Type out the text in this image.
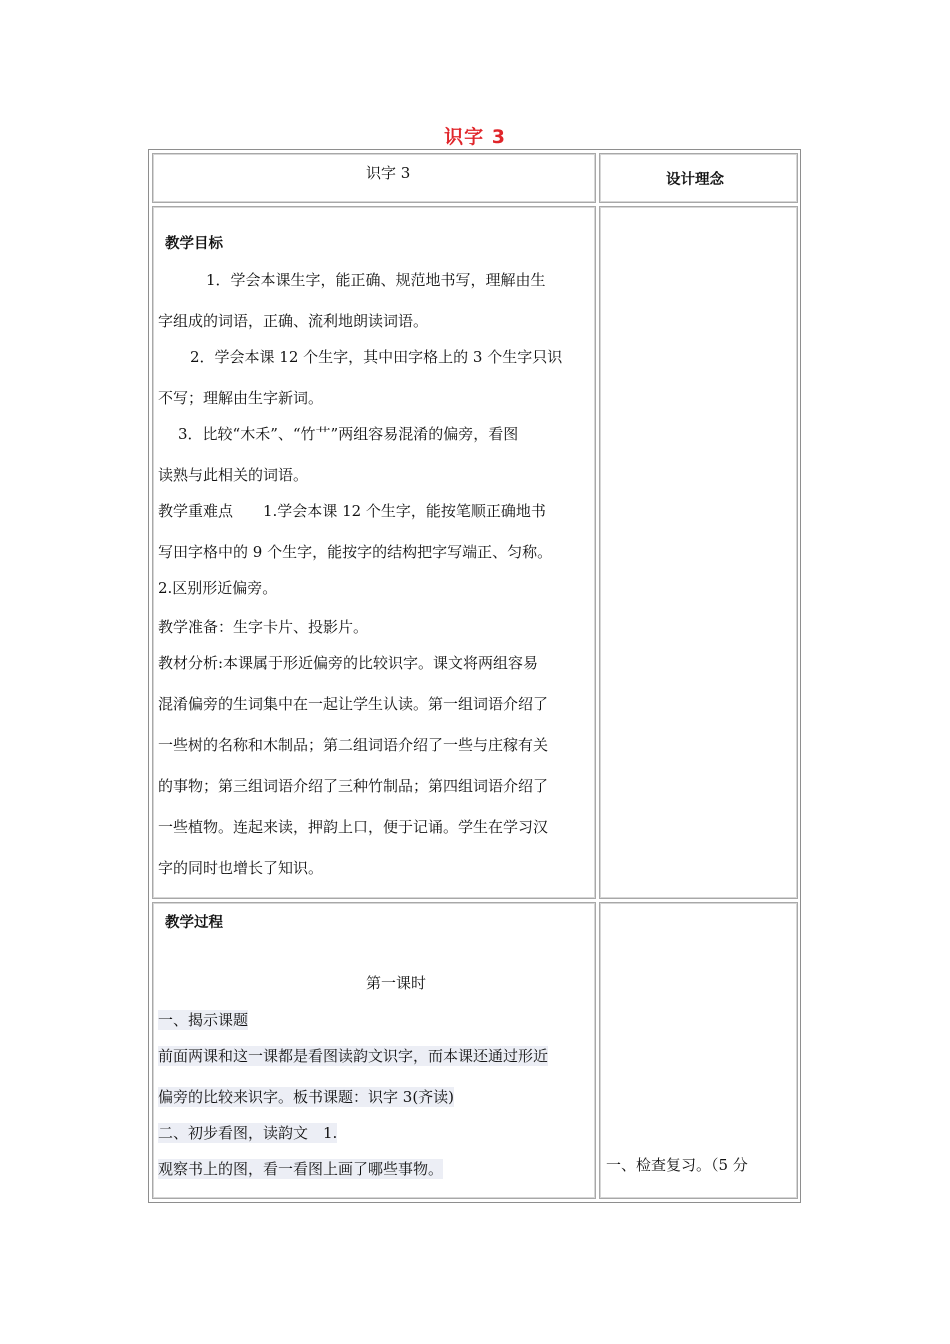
识字 3
识字 3	设计理念
教学目标
1．学会本课生字，能正确、规范地书写，理解由生
字组成的词语，正确、流利地朗读词语。
2．学会本课 12 个生字，其中田字格上的 3 个生字只识
不写；理解由生字新词。
3．比较“木禾”、“竹⺾”两组容易混淆的偏旁，看图
读熟与此相关的词语。
教学重难点　　1.学会本课 12 个生字，能按笔顺正确地书
写田字格中的 9 个生字，能按字的结构把字写端正、匀称。
2.区别形近偏旁。
教学准备：生字卡片、投影片。
教材分析:本课属于形近偏旁的比较识字。课文将两组容易
混淆偏旁的生词集中在一起让学生认读。第一组词语介绍了
一些树的名称和木制品；第二组词语介绍了一些与庄稼有关
的事物；第三组词语介绍了三种竹制品；第四组词语介绍了
一些植物。连起来读，押韵上口，便于记诵。学生在学习汉
字的同时也增长了知识。
教学过程
第一课时
一、揭示课题
前面两课和这一课都是看图读韵文识字，而本课还通过形近
偏旁的比较来识字。板书课题：识字 3(齐读)
二、初步看图，读韵文　1.
观察书上的图，看一看图上画了哪些事物。	一、检查复习。（5 分
